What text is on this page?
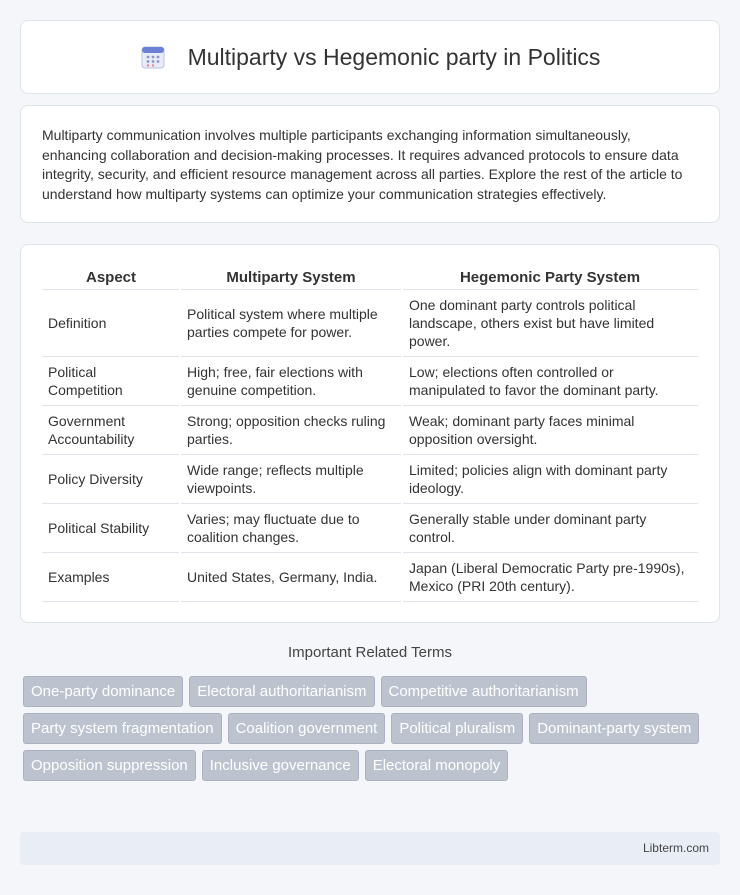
Multiparty vs Hegemonic party in Politics

Multiparty communication involves multiple participants exchanging information simultaneously, enhancing collaboration and decision-making processes. It requires advanced protocols to ensure data integrity, security, and efficient resource management across all parties. Explore the rest of the article to understand how multiparty systems can optimize your communication strategies effectively.

Aspect	Multiparty System	Hegemonic Party System
Definition	Political system where multiple parties compete for power.	One dominant party controls political landscape, others exist but have limited power.
Political Competition	High; free, fair elections with genuine competition.	Low; elections often controlled or manipulated to favor the dominant party.
Government Accountability	Strong; opposition checks ruling parties.	Weak; dominant party faces minimal opposition oversight.
Policy Diversity	Wide range; reflects multiple viewpoints.	Limited; policies align with dominant party ideology.
Political Stability	Varies; may fluctuate due to coalition changes.	Generally stable under dominant party control.
Examples	United States, Germany, India.	Japan (Liberal Democratic Party pre-1990s), Mexico (PRI 20th century).
Important Related Terms
One-party dominance	Electoral authoritarianism	Competitive authoritarianism
Party system fragmentation	Coalition government	Political pluralism	Dominant-party system
Opposition suppression	Inclusive governance	Electoral monopoly
Libterm.com
